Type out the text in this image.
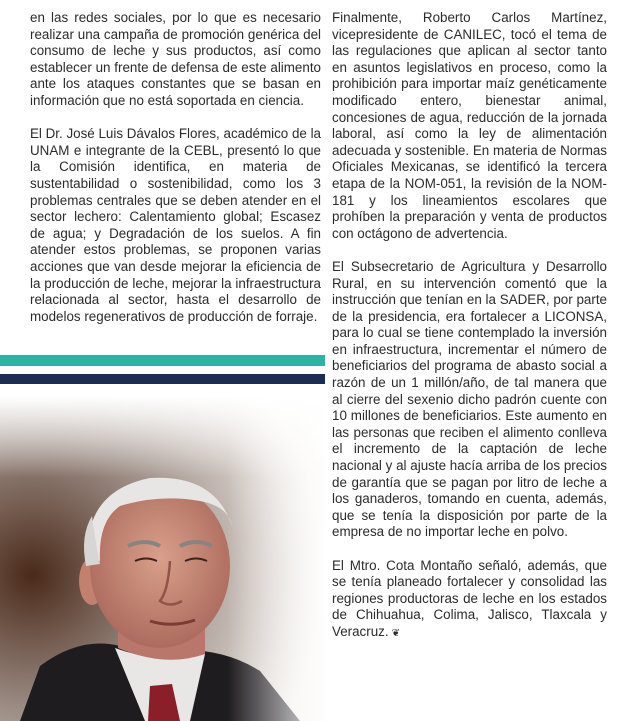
en las redes sociales, por lo que es necesario realizar una campaña de promoción genérica del consumo de leche y sus productos, así como establecer un frente de defensa de este alimento ante los ataques constantes que se basan en información que no está soportada en ciencia.

El Dr. José Luis Dávalos Flores, académico de la UNAM e integrante de la CEBL, presentó lo que la Comisión identifica, en materia de sustentabilidad o sostenibilidad, como los 3 problemas centrales que se deben atender en el sector lechero: Calentamiento global; Escasez de agua; y Degradación de los suelos. A fin atender estos problemas, se proponen varias acciones que van desde mejorar la eficiencia de la producción de leche, mejorar la infraestructura relacionada al sector, hasta el desarrollo de modelos regenerativos de producción de forraje.

Finalmente, Roberto Carlos Martínez, vicepresidente de CANILEC, tocó el tema de las regulaciones que aplican al sector tanto en asuntos legislativos en proceso, como la prohibición para importar maíz genéticamente modificado entero, bienestar animal, concesiones de agua, reducción de la jornada laboral, así como la ley de alimentación adecuada y sostenible. En materia de Normas Oficiales Mexicanas, se identificó la tercera etapa de la NOM-051, la revisión de la NOM-181 y los lineamientos escolares que prohíben la preparación y venta de productos con octágono de advertencia.

El Subsecretario de Agricultura y Desarrollo Rural, en su intervención comentó que la instrucción que tenían en la SADER, por parte de la presidencia, era fortalecer a LICONSA, para lo cual se tiene contemplado la inversión en infraestructura, incrementar el número de beneficiarios del programa de abasto social a razón de un 1 millón/año, de tal manera que al cierre del sexenio dicho padrón cuente con 10 millones de beneficiarios. Este aumento en las personas que reciben el alimento conlleva el incremento de la captación de leche nacional y al ajuste hacía arriba de los precios de garantía que se pagan por litro de leche a los ganaderos, tomando en cuenta, además, que se tenía la disposición por parte de la empresa de no importar leche en polvo.

El Mtro. Cota Montaño señaló, además, que se tenía planeado fortalecer y consolidad las regiones productoras de leche en los estados de Chihuahua, Colima, Jalisco, Tlaxcala y Veracruz. ❦
